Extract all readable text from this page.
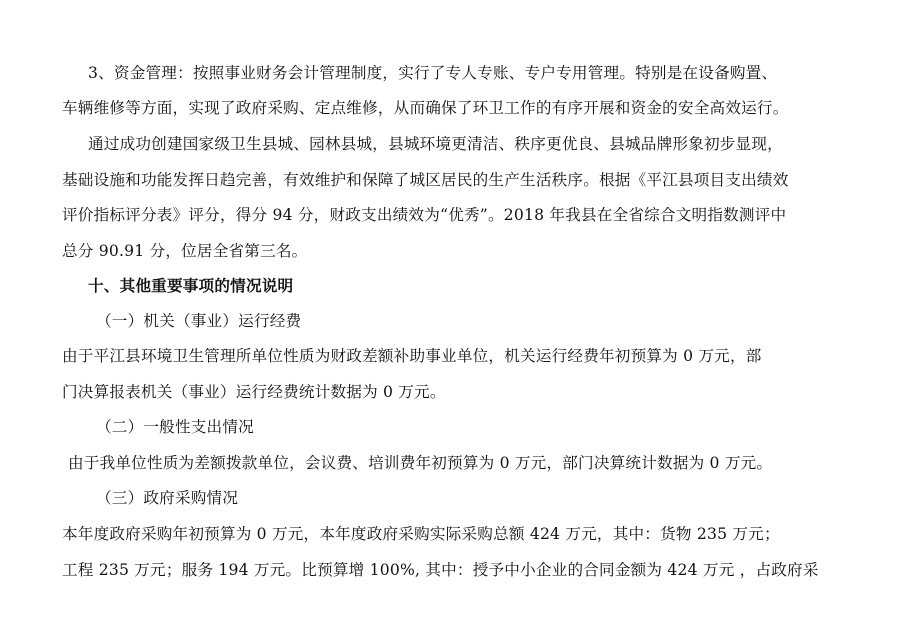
3、资金管理：按照事业财务会计管理制度，实行了专人专账、专户专用管理。特别是在设备购置、
车辆维修等方面，实现了政府采购、定点维修，从而确保了环卫工作的有序开展和资金的安全高效运行。
通过成功创建国家级卫生县城、园林县城，县城环境更清洁、秩序更优良、县城品牌形象初步显现，
基础设施和功能发挥日趋完善，有效维护和保障了城区居民的生产生活秩序。根据《平江县项目支出绩效
评价指标评分表》评分，得分 94 分，财政支出绩效为“优秀”。2018 年我县在全省综合文明指数测评中
总分 90.91 分，位居全省第三名。
十、其他重要事项的情况说明
（一）机关（事业）运行经费
由于平江县环境卫生管理所单位性质为财政差额补助事业单位，机关运行经费年初预算为 0 万元，部
门决算报表机关（事业）运行经费统计数据为 0 万元。
（二）一般性支出情况
由于我单位性质为差额拨款单位，会议费、培训费年初预算为 0 万元，部门决算统计数据为 0 万元。
（三）政府采购情况
本年度政府采购年初预算为 0 万元，本年度政府采购实际采购总额 424 万元，其中：货物 235 万元；
工程 235 万元；服务 194 万元。比预算增 100%, 其中：授予中小企业的合同金额为 424 万元 ，占政府采
